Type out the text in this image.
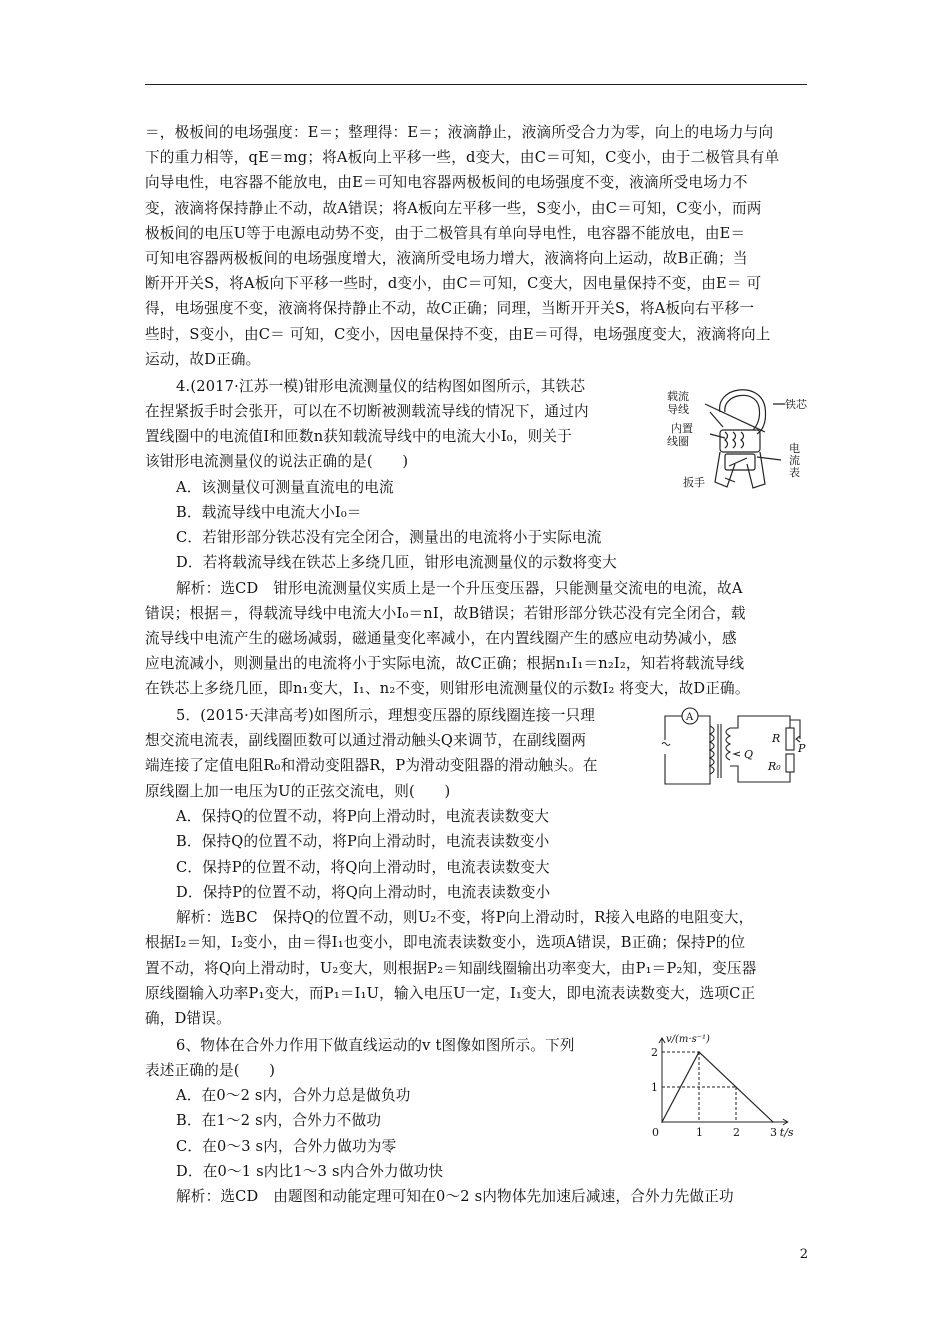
＝，极板间的电场强度：E＝；整理得：E＝；液滴静止，液滴所受合力为零，向上的电场力与向
下的重力相等，qE＝mg；将A板向上平移一些，d变大，由C＝可知，C变小，由于二极管具有单
向导电性，电容器不能放电，由E＝可知电容器两极板间的电场强度不变，液滴所受电场力不
变，液滴将保持静止不动，故A错误；将A板向左平移一些，S变小，由C＝可知，C变小，而两
极板间的电压U等于电源电动势不变，由于二极管具有单向导电性，电容器不能放电，由E＝
可知电容器两极板间的电场强度增大，液滴所受电场力增大，液滴将向上运动，故B正确；当
断开开关S，将A板向下平移一些时，d变小，由C＝可知，C变大，因电量保持不变，由E＝ 可
得，电场强度不变，液滴将保持静止不动，故C正确；同理，当断开开关S，将A板向右平移一
些时，S变小，由C＝ 可知，C变小，因电量保持不变，由E＝可得，电场强度变大，液滴将向上
运动，故D正确。
4.(2017·江苏一模)钳形电流测量仪的结构图如图所示，其铁芯
在捏紧扳手时会张开，可以在不切断被测载流导线的情况下，通过内
置线圈中的电流值I和匝数n获知载流导线中的电流大小I₀，则关于
该钳形电流测量仪的说法正确的是(　　)
A．该测量仪可测量直流电的电流
B．载流导线中电流大小I₀＝
C．若钳形部分铁芯没有完全闭合，测量出的电流将小于实际电流
D．若将载流导线在铁芯上多绕几匝，钳形电流测量仪的示数将变大
解析：选CD　钳形电流测量仪实质上是一个升压变压器，只能测量交流电的电流，故A
错误；根据＝，得载流导线中电流大小I₀＝nI，故B错误；若钳形部分铁芯没有完全闭合，载
流导线中电流产生的磁场减弱，磁通量变化率减小，在内置线圈产生的感应电动势减小，感
应电流减小，则测量出的电流将小于实际电流，故C正确；根据n₁I₁＝n₂I₂，知若将载流导线
在铁芯上多绕几匝，即n₁变大，I₁、n₂不变，则钳形电流测量仪的示数I₂ 将变大，故D正确。
5．(2015·天津高考)如图所示，理想变压器的原线圈连接一只理
想交流电流表，副线圈匝数可以通过滑动触头Q来调节，在副线圈两
端连接了定值电阻R₀和滑动变阻器R，P为滑动变阻器的滑动触头。在
原线圈上加一电压为U的正弦交流电，则(　　)
A．保持Q的位置不动，将P向上滑动时，电流表读数变大
B．保持Q的位置不动，将P向上滑动时，电流表读数变小
C．保持P的位置不动，将Q向上滑动时，电流表读数变大
D．保持P的位置不动，将Q向上滑动时，电流表读数变小
解析：选BC　保持Q的位置不动，则U₂不变，将P向上滑动时，R接入电路的电阻变大，
根据I₂＝知，I₂变小，由＝得I₁也变小，即电流表读数变小，选项A错误，B正确；保持P的位
置不动，将Q向上滑动时，U₂变大，则根据P₂＝知副线圈输出功率变大，由P₁＝P₂知，变压器
原线圈输入功率P₁变大，而P₁＝I₁U，输入电压U一定，I₁变大，即电流表读数变大，选项C正
确，D错误。
6、物体在合外力作用下做直线运动的v t图像如图所示。下列
表述正确的是(　　)
A．在0～2 s内，合外力总是做负功
B．在1～2 s内，合外力不做功
C．在0～3 s内，合外力做功为零
D．在0～1 s内比1～3 s内合外力做功快
解析：选CD　由题图和动能定理可知在0～2 s内物体先加速后减速，合外力先做正功
载流
导线
内置
线圈
铁芯
电
流
表
扳手
A
R
P
Q
R₀
0	1	2	3
1
2
v/(m·s⁻¹)
t/s
2
